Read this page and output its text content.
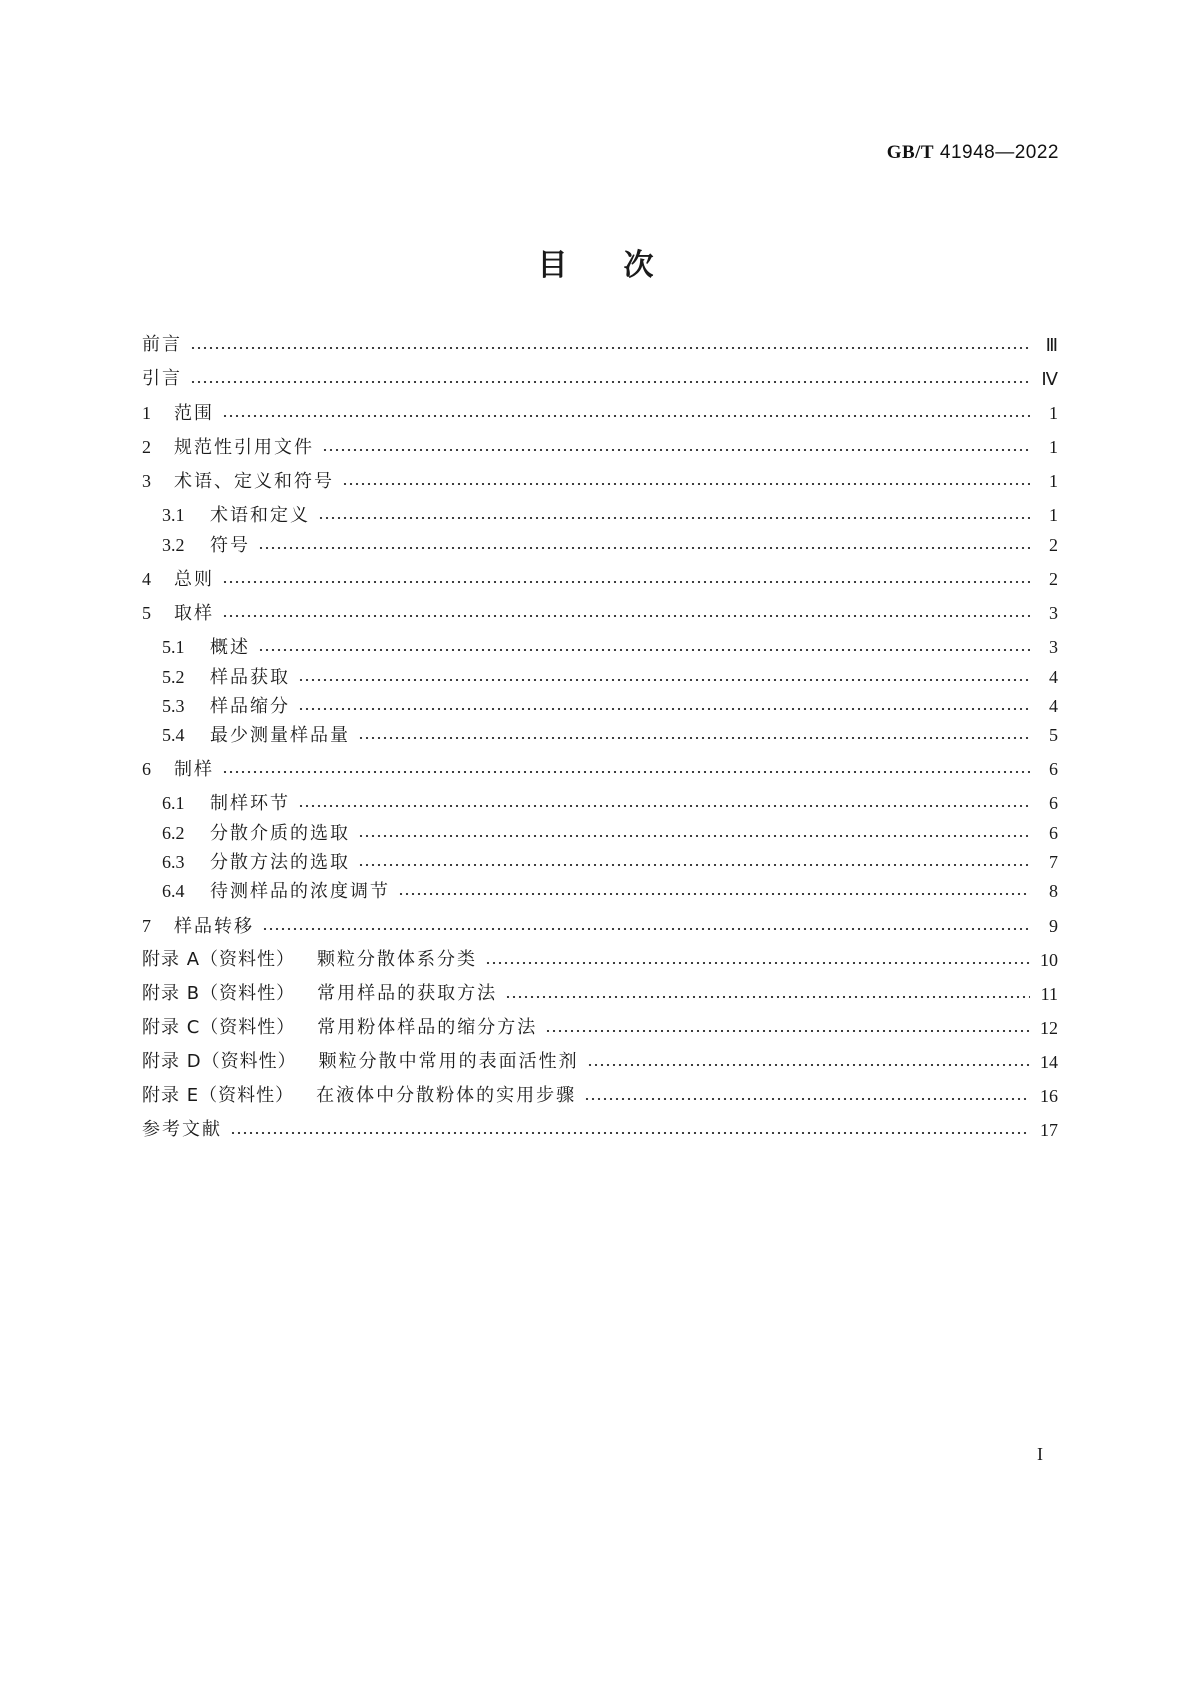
GB/T 41948—2022
目次
前言	Ⅲ
引言	Ⅳ
1 范围	1
2 规范性引用文件	1
3 术语、定义和符号	1
3.1 术语和定义	1
3.2 符号	2
4 总则	2
5 取样	3
5.1 概述	3
5.2 样品获取	4
5.3 样品缩分	4
5.4 最少测量样品量	5
6 制样	6
6.1 制样环节	6
6.2 分散介质的选取	6
6.3 分散方法的选取	7
6.4 待测样品的浓度调节	8
7 样品转移	9
附录 A（资料性） 颗粒分散体系分类	10
附录 B（资料性） 常用样品的获取方法	11
附录 C（资料性） 常用粉体样品的缩分方法	12
附录 D（资料性） 颗粒分散中常用的表面活性剂	14
附录 E（资料性） 在液体中分散粉体的实用步骤	16
参考文献	17
I
